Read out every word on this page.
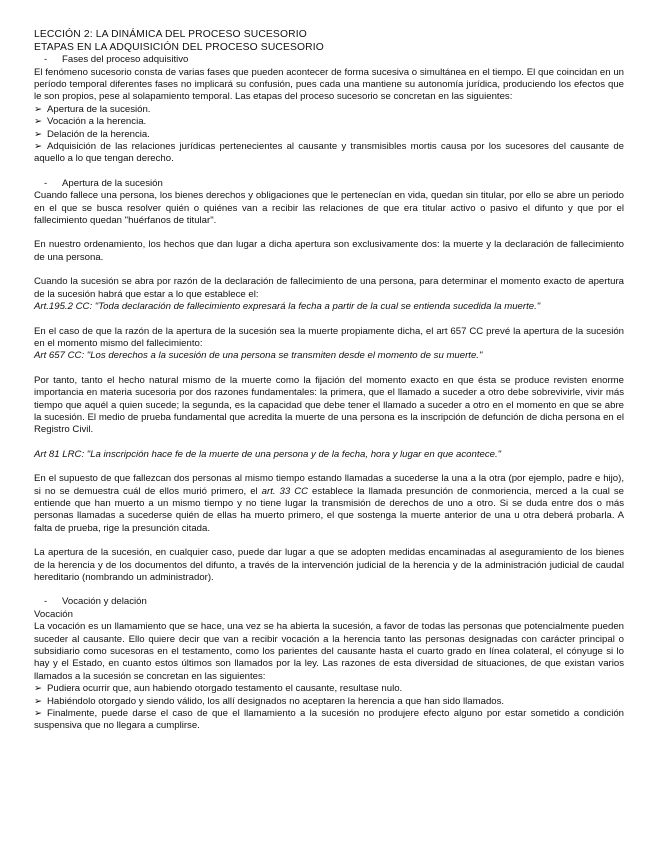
LECCIÓN 2: LA DINÁMICA DEL PROCESO SUCESORIO
ETAPAS EN LA ADQUISICIÓN DEL PROCESO SUCESORIO
- Fases del proceso adquisitivo

El fenómeno sucesorio consta de varias fases que pueden acontecer de forma sucesiva o simultánea en el tiempo. El que coincidan en un período temporal diferentes fases no implicará su confusión, pues cada una mantiene su autonomía jurídica, produciendo los efectos que le son propios, pese al solapamiento temporal. Las etapas del proceso sucesorio se concretan en las siguientes:

➢ Apertura de la sucesión.
➢ Vocación a la herencia.
➢ Delación de la herencia.

➢ Adquisición de las relaciones jurídicas pertenecientes al causante y transmisibles mortis causa por los sucesores del causante de aquello a lo que tengan derecho.

- Apertura de la sucesión

Cuando fallece una persona, los bienes derechos y obligaciones que le pertenecían en vida, quedan sin titular, por ello se abre un periodo en el que se busca resolver quién o quiénes van a recibir las relaciones de que era titular activo o pasivo el difunto y que por el fallecimiento quedan "huérfanos de titular".

En nuestro ordenamiento, los hechos que dan lugar a dicha apertura son exclusivamente dos: la muerte y la declaración de fallecimiento de una persona.

Cuando la sucesión se abra por razón de la declaración de fallecimiento de una persona, para determinar el momento exacto de apertura de la sucesión habrá que estar a lo que establece el:

Art.195.2 CC: "Toda declaración de fallecimiento expresará la fecha a partir de la cual se entienda sucedida la muerte."

En el caso de que la razón de la apertura de la sucesión sea la muerte propiamente dicha, el art 657 CC prevé la apertura de la sucesión en el momento mismo del fallecimiento:

Art 657 CC: "Los derechos a la sucesión de una persona se transmiten desde el momento de su muerte."

Por tanto, tanto el hecho natural mismo de la muerte como la fijación del momento exacto en que ésta se produce revisten enorme importancia en materia sucesoria por dos razones fundamentales: la primera, que el llamado a suceder a otro debe sobrevivirle, vivir más tiempo que aquél a quien sucede; la segunda, es la capacidad que debe tener el llamado a suceder a otro en el momento en que se abre la sucesión. El medio de prueba fundamental que acredita la muerte de una persona es la inscripción de defunción de dicha persona en el Registro Civil.

Art 81 LRC: "La inscripción hace fe de la muerte de una persona y de la fecha, hora y lugar en que acontece."

En el supuesto de que fallezcan dos personas al mismo tiempo estando llamadas a sucederse la una a la otra (por ejemplo, padre e hijo), si no se demuestra cuál de ellos murió primero, el art. 33 CC establece la llamada presunción de conmoriencia, merced a la cual se entiende que han muerto a un mismo tiempo y no tiene lugar la transmisión de derechos de uno a otro. Si se duda entre dos o más personas llamadas a sucederse quién de ellas ha muerto primero, el que sostenga la muerte anterior de una u otra deberá probarla. A falta de prueba, rige la presunción citada.

La apertura de la sucesión, en cualquier caso, puede dar lugar a que se adopten medidas encaminadas al aseguramiento de los bienes de la herencia y de los documentos del difunto, a través de la intervención judicial de la herencia y de la administración judicial de caudal hereditario (nombrando un administrador).

- Vocación y delación
Vocación

La vocación es un llamamiento que se hace, una vez se ha abierta la sucesión, a favor de todas las personas que potencialmente pueden suceder al causante. Ello quiere decir que van a recibir vocación a la herencia tanto las personas designadas con carácter principal o subsidiario como sucesoras en el testamento, como los parientes del causante hasta el cuarto grado en línea colateral, el cónyuge si lo hay y el Estado, en cuanto estos últimos son llamados por la ley. Las razones de esta diversidad de situaciones, de que existan varios llamados a la sucesión se concretan en las siguientes:

➢ Pudiera ocurrir que, aun habiendo otorgado testamento el causante, resultase nulo.
➢ Habiéndolo otorgado y siendo válido, los allí designados no aceptaren la herencia a que han sido llamados.

➢ Finalmente, puede darse el caso de que el llamamiento a la sucesión no produjere efecto alguno por estar sometido a condición suspensiva que no llegara a cumplirse.
